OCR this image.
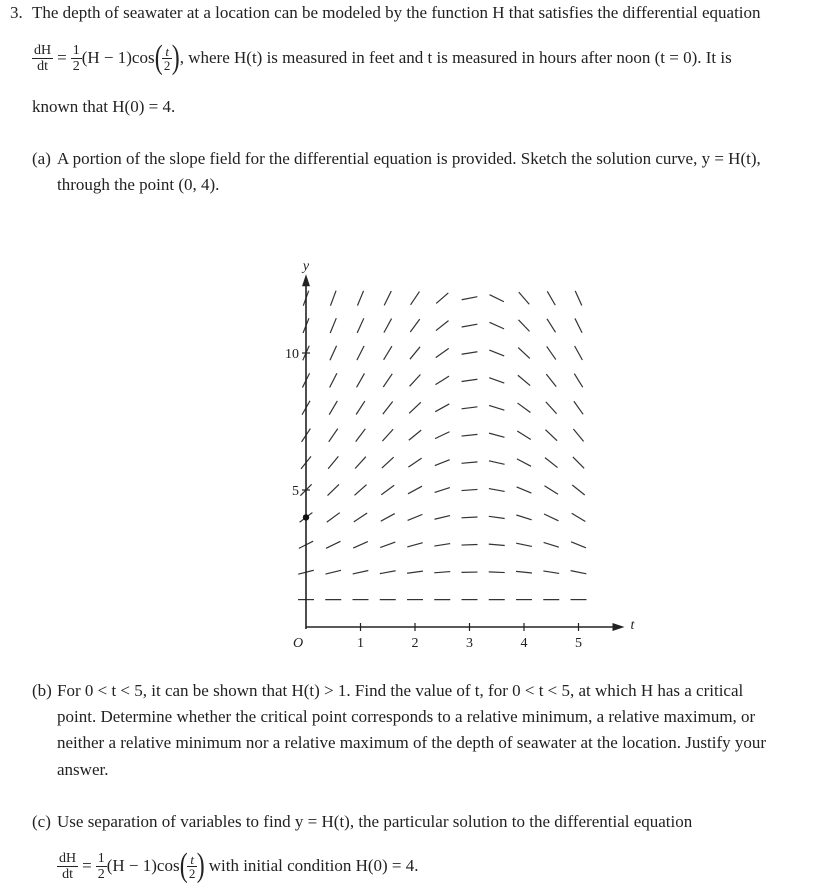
3. The depth of seawater at a location can be modeled by the function H that satisfies the differential equation
$\frac{dH}{dt} = \frac{1}{2} (H - 1)\cos$ ( $\frac{t}{2}$ ) , where H(t) is measured in feet and t is measured in hours after noon (t = 0). It is
known that H(0) = 4.
(a) A portion of the slope field for the differential equation is provided. Sketch the solution curve, y = H(t),
through the point (0, 4).
O	1	2	3	4	5
5
10
y
t
(b) For 0 < t < 5, it can be shown that H(t) > 1. Find the value of t, for 0 < t < 5, at which H has a critical
point. Determine whether the critical point corresponds to a relative minimum, a relative maximum, or
neither a relative minimum nor a relative maximum of the depth of seawater at the location. Justify your
answer.
(c) Use separation of variables to find y = H(t), the particular solution to the differential equation
$\frac{dH}{dt} = \frac{1}{2} (H - 1)\cos$ ( $\frac{t}{2}$ ) with initial condition H(0) = 4.
